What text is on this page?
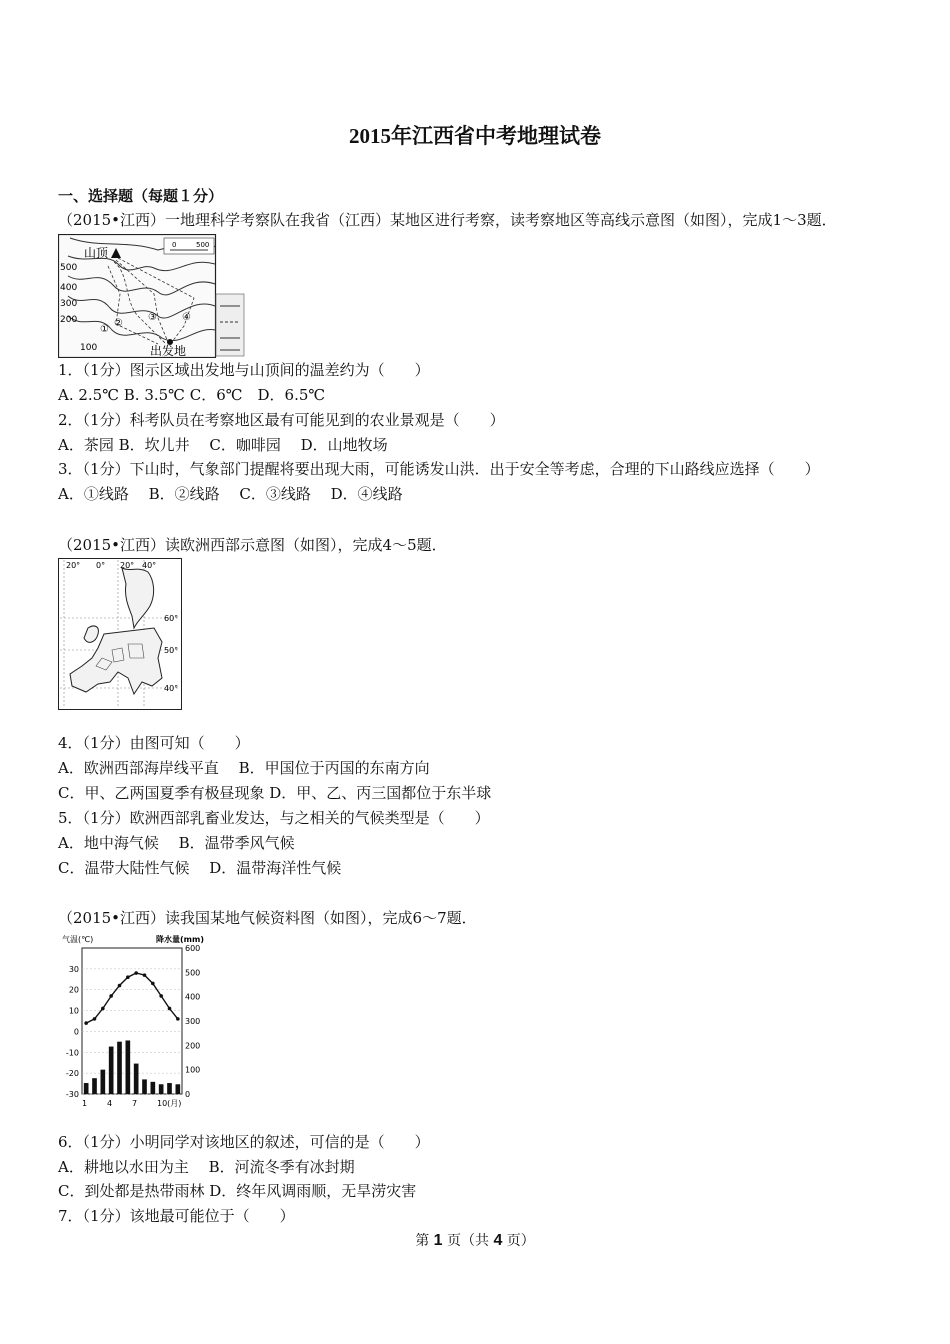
2015年江西省中考地理试卷
一、选择题（每题１分）
（2015•江西）一地理科学考察队在我省（江西）某地区进行考察，读考察地区等高线示意图（如图），完成1～3题．
山顶
出发地
500
400
300
200
100
①
②
③	④
0	500
1．（1分）图示区域出发地与山顶间的温差约为（　　）
A. 2.5℃ B. 3.5℃ C．6℃　D．6.5℃
2．（1分）科考队员在考察地区最有可能见到的农业景观是（　　）
A．茶园 B．坎儿井　 C．咖啡园　 D．山地牧场
3．（1分）下山时，气象部门提醒将要出现大雨，可能诱发山洪．出于安全等考虑，合理的下山路线应选择（　　）
A．①线路　 B．②线路　 C．③线路　 D．④线路
（2015•江西）读欧洲西部示意图（如图），完成4～5题．
20° 0° 20° 40°
60°
50°
40°
4．（1分）由图可知（　　）
A．欧洲西部海岸线平直　 B．甲国位于丙国的东南方向
C．甲、乙两国夏季有极昼现象 D．甲、乙、丙三国都位于东半球
5．（1分）欧洲西部乳畜业发达，与之相关的气候类型是（　　）
A．地中海气候　 B．温带季风气候
C．温带大陆性气候　 D．温带海洋性气候
（2015•江西）读我国某地气候资料图（如图），完成6～7题．
气温(℃)	降水量(mm)
30
20
10
0
-10
-20
-30
600
500
400
300
200
100
0
1 4 7 10(月)
6．（1分）小明同学对该地区的叙述，可信的是（　　）
A．耕地以水田为主　 B．河流冬季有冰封期
C．到处都是热带雨林 D．终年风调雨顺，无旱涝灾害
7．（1分）该地最可能位于（　　）
第 1 页（共 4 页）
